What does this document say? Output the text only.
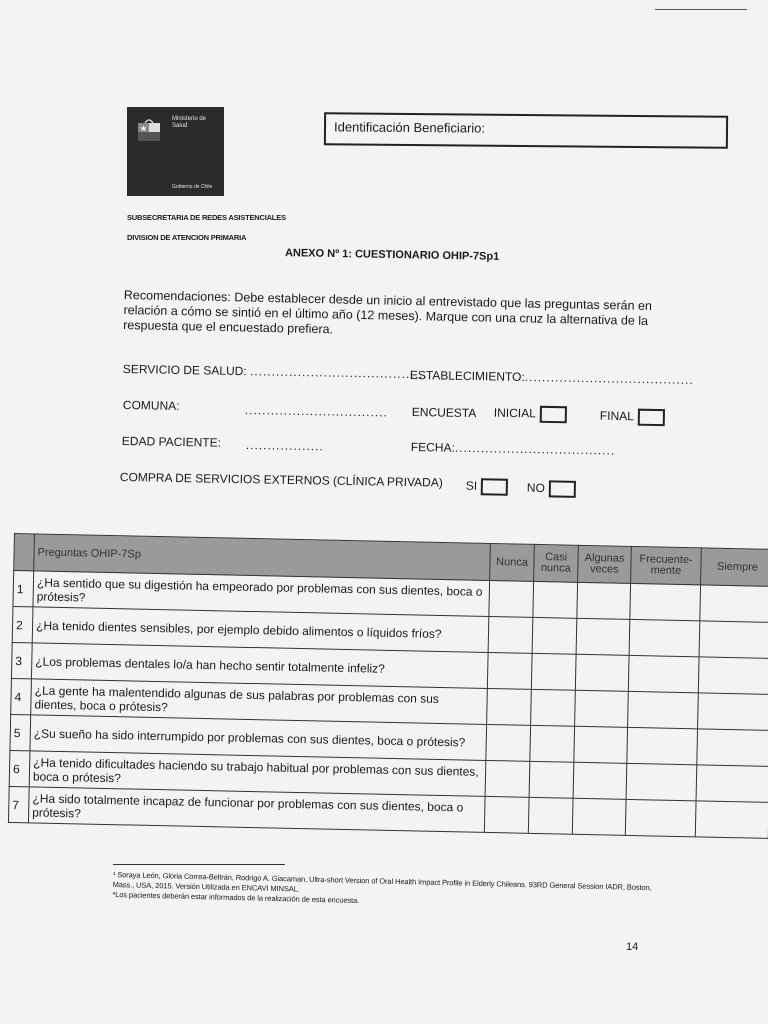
Ministerio de Salud
Gobierno de Chile
Identificación Beneficiario:
SUBSECRETARIA DE REDES ASISTENCIALES
DIVISION DE ATENCION PRIMARIA
ANEXO Nº 1: CUESTIONARIO OHIP-7Sp1
Recomendaciones: Debe establecer desde un inicio al entrevistado que las preguntas serán en relación a cómo se sintió en el último año (12 meses). Marque con una cruz la alternativa de la respuesta que el encuestado prefiera.
SERVICIO DE SALUD: .........................................
ESTABLECIMIENTO:.......................................
COMUNA:	................................. ENCUESTA INICIAL	FINAL
EDAD PACIENTE: ..................	FECHA:.....................................
COMPRA DE SERVICIOS EXTERNOS (CLÍNICA PRIVADA) SI	NO
	Preguntas OHIP-7Sp	Nunca	Casi nunca	Algunas veces	Frecuente-mente	Siempre
1	¿Ha sentido que su digestión ha empeorado por problemas con sus dientes, boca o prótesis?					
2	¿Ha tenido dientes sensibles, por ejemplo debido alimentos o líquidos fríos?					
3	¿Los problemas dentales lo/a han hecho sentir totalmente infeliz?					
4	¿La gente ha malentendido algunas de sus palabras por problemas con sus dientes, boca o prótesis?					
5	¿Su sueño ha sido interrumpido por problemas con sus dientes, boca o prótesis?					
6	¿Ha tenido dificultades haciendo su trabajo habitual por problemas con sus dientes, boca o prótesis?					
7	¿Ha sido totalmente incapaz de funcionar por problemas con sus dientes, boca o prótesis?					
¹ Soraya León, Gloria Correa-Beltrán, Rodrigo A. Giacaman, Ultra-short Version of Oral Health Impact Profile in Elderly Chileans. 93RD General Session IADR, Boston, Mass., USA, 2015. Versión Utilizada en ENCAVI MINSAL.
*Los pacientes deberán estar informados de la realización de esta encuesta.
14
